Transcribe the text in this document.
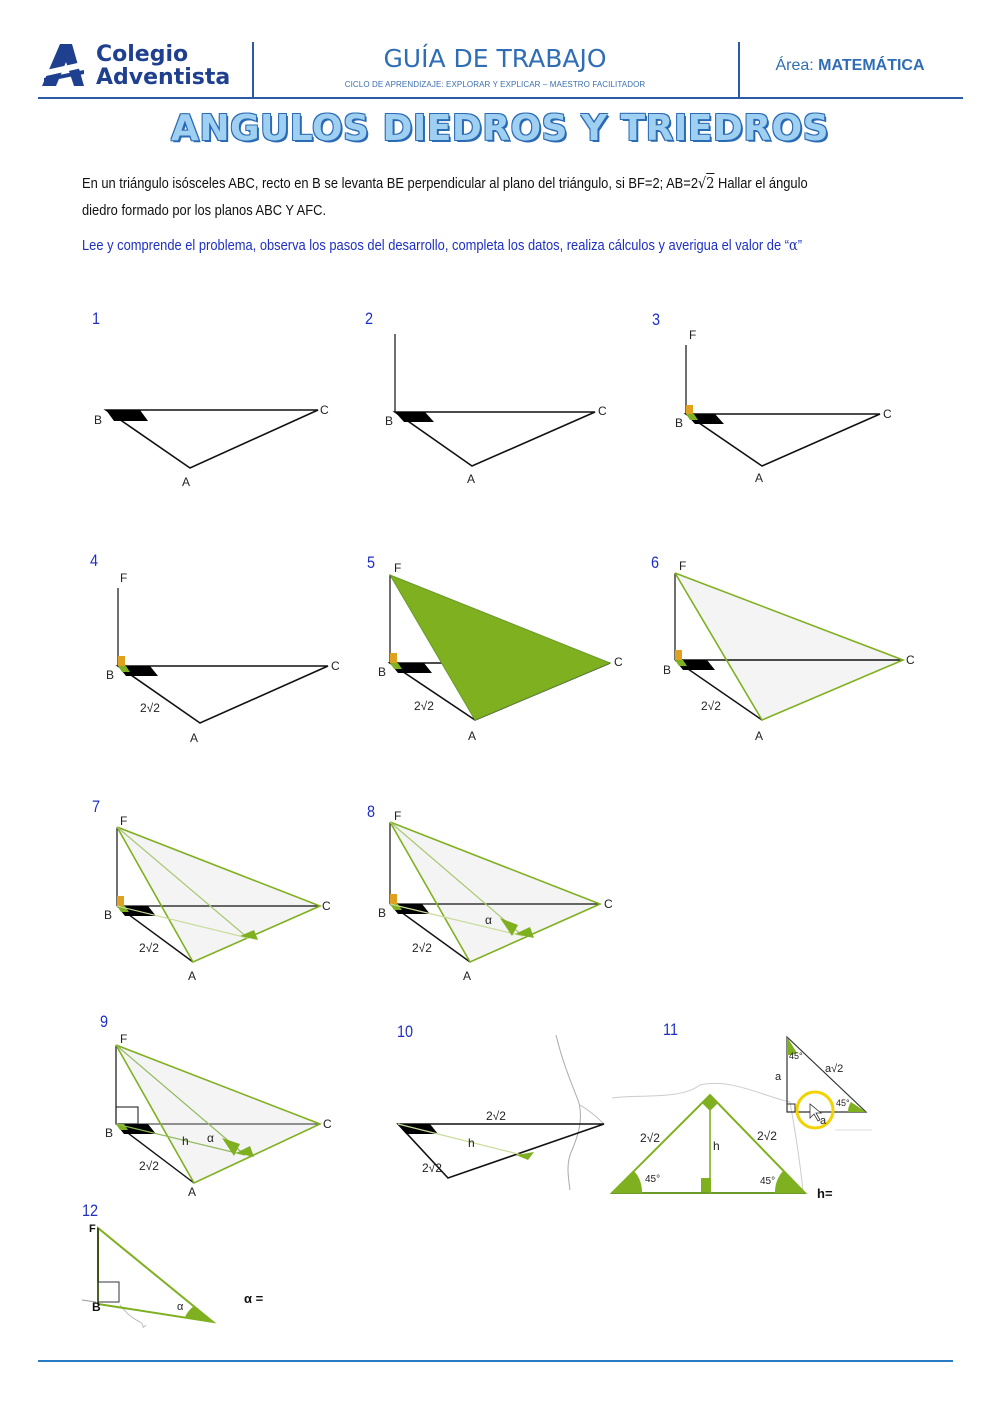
Colegio
Adventista
GUÍA DE TRABAJO
CICLO DE APRENDIZAJE: EXPLORAR Y EXPLICAR – MAESTRO FACILITADOR
Área: MATEMÁTICA
ANGULOS DIEDROS Y TRIEDROS
En un triángulo isósceles ABC, recto en B se levanta BE perpendicular al plano del triángulo, si BF=2; AB=2√2 Hallar el ángulo
diedro formado por los planos ABC Y AFC.
Lee y comprende el problema, observa los pasos del desarrollo, completa los datos, realiza cálculos y averigua el valor de “α”
1	2	3
4	5	6
7	8
9
10	11
12
B
C
A
B
C
A
F
B
C
A
F
B
C
A
2√2
F
B
C
A
2√2
F
B
C
A
2√2
F
B
C
A
2√2
F
B
C
A
2√2
α
F
B
C
A
2√2
h α
2√2
h
2√2
2√2	2√2
h
45°	45°
h=
45°
45°
a
a√2
a
F
B	α
α =
